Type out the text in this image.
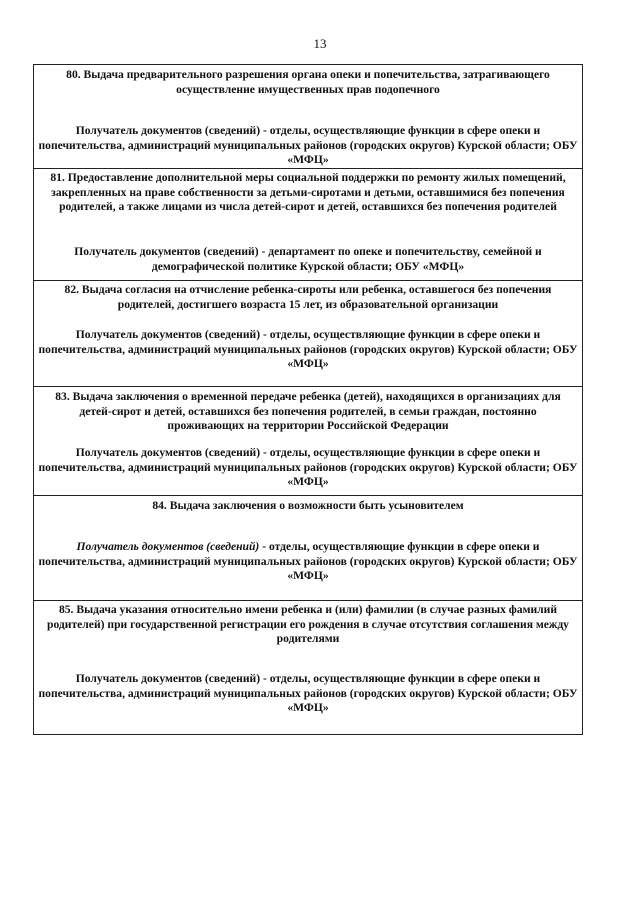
13
80. Выдача предварительного разрешения органа опеки и попечительства, затрагивающего осуществление имущественных прав подопечного
Получатель документов (сведений) - отделы, осуществляющие функции в сфере опеки и попечительства, администраций муниципальных районов (городских округов) Курской области; ОБУ «МФЦ»
81. Предоставление дополнительной меры социальной поддержки по ремонту жилых помещений, закрепленных на праве собственности за детьми-сиротами и детьми, оставшимися без попечения родителей, а также лицами из числа детей-сирот и детей, оставшихся без попечения родителей
Получатель документов (сведений) - департамент по опеке и попечительству, семейной и демографической политике Курской области; ОБУ «МФЦ»
82. Выдача согласия на отчисление ребенка-сироты или ребенка, оставшегося без попечения родителей, достигшего возраста 15 лет, из образовательной организации
Получатель документов (сведений) - отделы, осуществляющие функции в сфере опеки и попечительства, администраций муниципальных районов (городских округов) Курской области; ОБУ «МФЦ»
83. Выдача заключения о временной передаче ребенка (детей), находящихся в организациях для детей-сирот и детей, оставшихся без попечения родителей, в семьи граждан, постоянно проживающих на территории Российской Федерации
Получатель документов (сведений) - отделы, осуществляющие функции в сфере опеки и попечительства, администраций муниципальных районов (городских округов) Курской области; ОБУ «МФЦ»
84. Выдача заключения о возможности быть усыновителем
Получатель документов (сведений) - отделы, осуществляющие функции в сфере опеки и попечительства, администраций муниципальных районов (городских округов) Курской области; ОБУ «МФЦ»
85. Выдача указания относительно имени ребенка и (или) фамилии (в случае разных фамилий родителей) при государственной регистрации его рождения в случае отсутствия соглашения между родителями
Получатель документов (сведений) - отделы, осуществляющие функции в сфере опеки и попечительства, администраций муниципальных районов (городских округов) Курской области; ОБУ «МФЦ»
